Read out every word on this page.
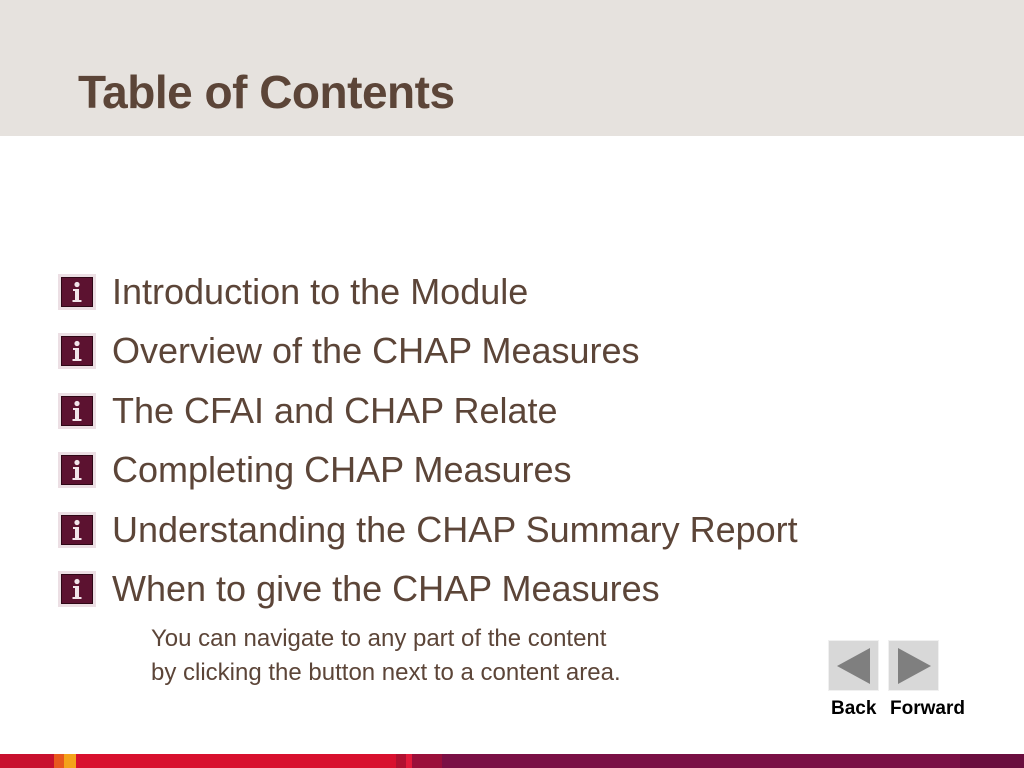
Table of Contents
Introduction to the Module
Overview of the CHAP Measures
The CFAI and CHAP Relate
Completing CHAP Measures
Understanding the CHAP Summary Report
When to give the CHAP Measures
You can navigate to any part of the content
by clicking the button next to a content area.
Back Forward
